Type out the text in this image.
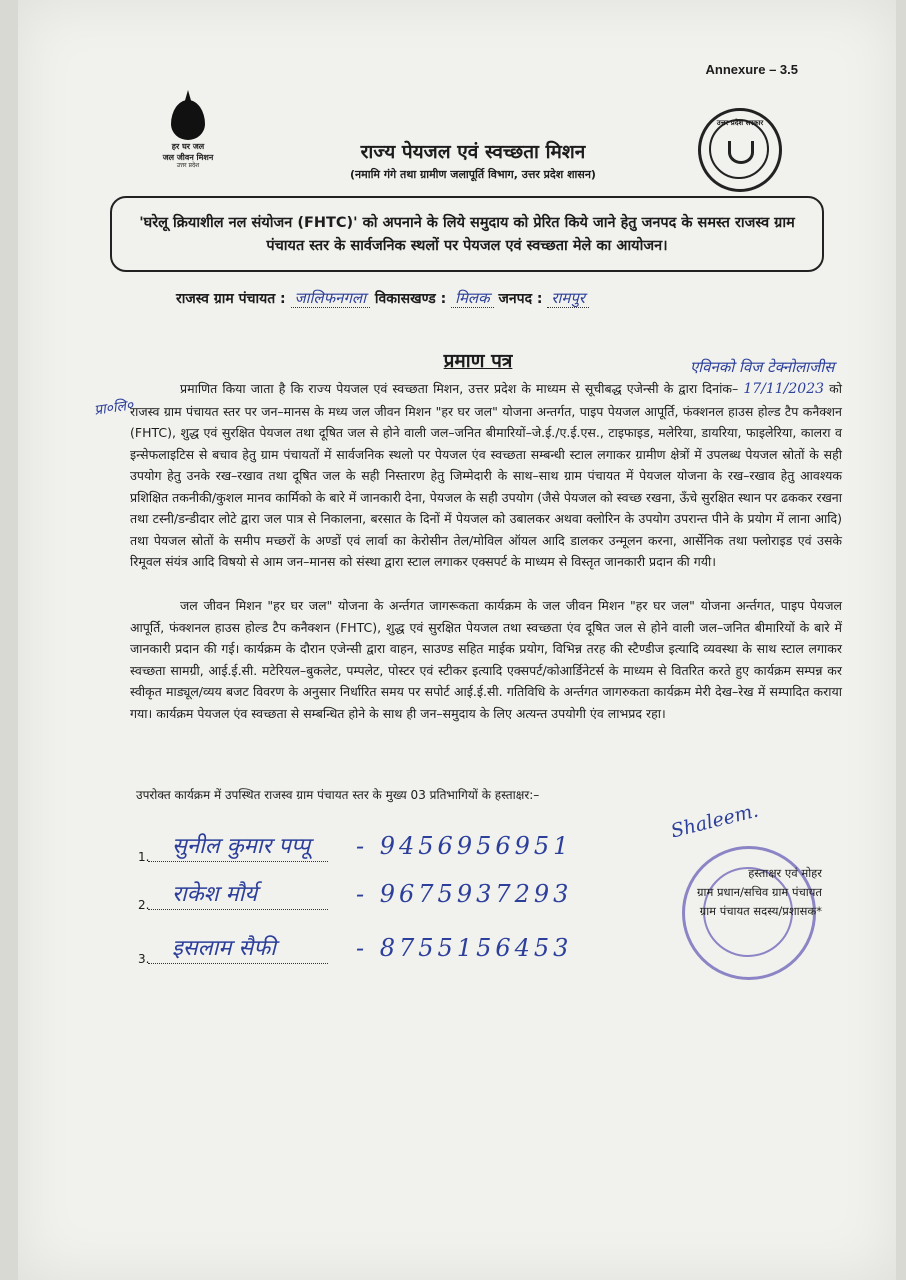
Annexure – 3.5
हर घर जल
जल जीवन मिशन
उत्तर प्रदेश
उत्तर प्रदेश सरकार
राज्य पेयजल एवं स्वच्छता मिशन
(नमामि गंगे तथा ग्रामीण जलापूर्ति विभाग, उत्तर प्रदेश शासन)
'घरेलू क्रियाशील नल संयोजन (FHTC)' को अपनाने के लिये समुदाय को प्रेरित किये जाने हेतु जनपद के समस्त राजस्व ग्राम पंचायत स्तर के सार्वजनिक स्थलों पर पेयजल एवं स्वच्छता मेले का आयोजन।
राजस्व ग्राम पंचायत : जालिफनगला विकासखण्ड : मिलक जनपद : रामपुर
प्रमाण पत्र	एविनको विज टेक्नोलाजीस
प्रा०लि०
प्रमाणित किया जाता है कि राज्य पेयजल एवं स्वच्छता मिशन, उत्तर प्रदेश के माध्यम से सूचीबद्ध एजेन्सी के द्वारा दिनांक– 17/11/2023 को राजस्व ग्राम पंचायत स्तर पर जन–मानस के मध्य जल जीवन मिशन "हर घर जल" योजना अन्तर्गत, पाइप पेयजल आपूर्ति, फंक्शनल हाउस होल्ड टैप कनैक्शन (FHTC), शुद्ध एवं सुरक्षित पेयजल तथा दूषित जल से होने वाली जल–जनित बीमारियों–जे.ई./ए.ई.एस., टाइफाइड, मलेरिया, डायरिया, फाइलेरिया, कालरा व इन्सेफलाइटिस से बचाव हेतु ग्राम पंचायतों में सार्वजनिक स्थलो पर पेयजल एंव स्वच्छता सम्बन्धी स्टाल लगाकर ग्रामीण क्षेत्रों में उपलब्ध पेयजल स्रोतों के सही उपयोग हेतु उनके रख–रखाव तथा दूषित जल के सही निस्तारण हेतु जिम्मेदारी के साथ–साथ ग्राम पंचायत में पेयजल योजना के रख–रखाव हेतु आवश्यक प्रशिक्षित तकनीकी/कुशल मानव कार्मिको के बारे में जानकारी देना, पेयजल के सही उपयोग (जैसे पेयजल को स्वच्छ रखना, ऊँचे सुरक्षित स्थान पर ढककर रखना तथा टस्नी/डन्डीदार लोटे द्वारा जल पात्र से निकालना, बरसात के दिनों में पेयजल को उबालकर अथवा क्लोरिन के उपयोग उपरान्त पीने के प्रयोग में लाना आदि) तथा पेयजल स्रोतों के समीप मच्छरों के अण्डों एवं लार्वा का केरोसीन तेल/मोविल ऑयल आदि डालकर उन्मूलन करना, आर्सेनिक तथा फ्लोराइड एवं उसके रिमूवल संयंत्र आदि विषयो से आम जन–मानस को संस्था द्वारा स्टाल लगाकर एक्सपर्ट के माध्यम से विस्तृत जानकारी प्रदान की गयी।
जल जीवन मिशन "हर घर जल" योजना के अर्न्तगत जागरूकता कार्यक्रम के जल जीवन मिशन "हर घर जल" योजना अर्न्तगत, पाइप पेयजल आपूर्ति, फंक्शनल हाउस होल्ड टैप कनैक्शन (FHTC), शुद्ध एवं सुरक्षित पेयजल तथा स्वच्छता एंव दूषित जल से होने वाली जल–जनित बीमारियों के बारे में जानकारी प्रदान की गई। कार्यक्रम के दौरान एजेन्सी द्वारा वाहन, साउण्ड सहित माईक प्रयोग, विभिन्न तरह की स्टैण्डीज इत्यादि व्यवस्था के साथ स्टाल लगाकर स्वच्छता सामग्री, आई.ई.सी. मटेरियल–बुकलेट, पम्पलेट, पोस्टर एवं स्टीकर इत्यादि एक्सपर्ट/कोआर्डिनेटर्स के माध्यम से वितरित करते हुए कार्यक्रम सम्पन्न कर स्वीकृत माड्यूल/व्यय बजट विवरण के अनुसार निर्धारित समय पर सपोर्ट आई.ई.सी. गतिविधि के अर्न्तगत जागरुकता कार्यक्रम मेरी देख–रेख में सम्पादित कराया गया। कार्यक्रम पेयजल एंव स्वच्छता से सम्बन्धित होने के साथ ही जन–समुदाय के लिए अत्यन्त उपयोगी एंव लाभप्रद रहा।
उपरोक्त कार्यक्रम में उपस्थित राजस्व ग्राम पंचायत स्तर के मुख्य 03 प्रतिभागियों के हस्ताक्षर:–
1. सुनील कुमार पप्पू - 9456956951
2. राकेश मौर्य	- 9675937293
3. इसलाम सैफी	- 8755156453
Shaleem.
हस्ताक्षर एवं मोहर
ग्राम प्रधान/सचिव ग्राम पंचायत
ग्राम पंचायत सदस्य/प्रशासक*
